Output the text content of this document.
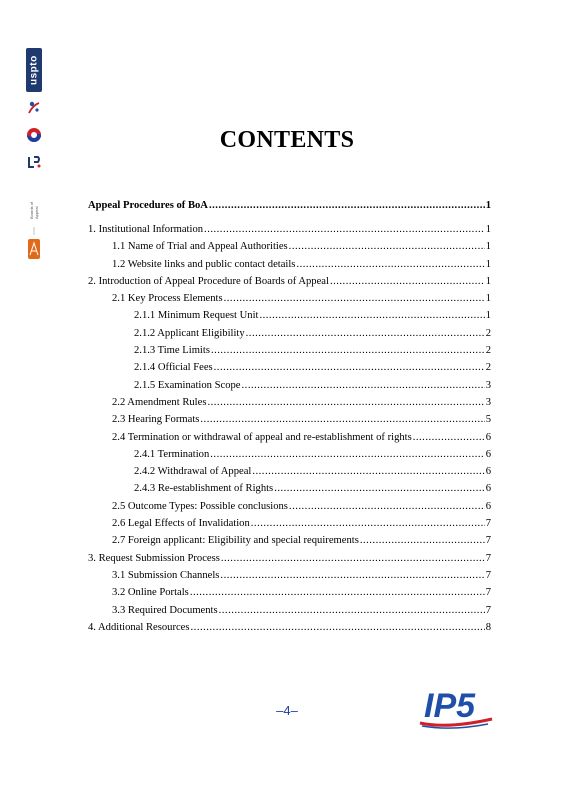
uspto

Boards of Appeal
CONTENTS
Appeal Procedures of BoA .....	1
1. Institutional Information .....	1
1.1 Name of Trial and Appeal Authorities .....	1
1.2 Website links and public contact details .....	1
2. Introduction of Appeal Procedure of Boards of Appeal .....	1
2.1 Key Process Elements .....	1
2.1.1 Minimum Request Unit .....	1
2.1.2 Applicant Eligibility .....	2
2.1.3 Time Limits .....	2
2.1.4 Official Fees .....	2
2.1.5 Examination Scope .....	3
2.2 Amendment Rules .....	3
2.3 Hearing Formats .....	5
2.4 Termination or withdrawal of appeal and re-establishment of rights .....	6
2.4.1 Termination .....	6
2.4.2 Withdrawal of Appeal .....	6
2.4.3 Re-establishment of Rights .....	6
2.5 Outcome Types: Possible conclusions .....	6
2.6 Legal Effects of Invalidation .....	7
2.7 Foreign applicant: Eligibility and special requirements .....	7
3. Request Submission Process .....	7
3.1 Submission Channels .....	7
3.2 Online Portals .....	7
3.3 Required Documents .....	7
4. Additional Resources .....	8
–4–	IP5
